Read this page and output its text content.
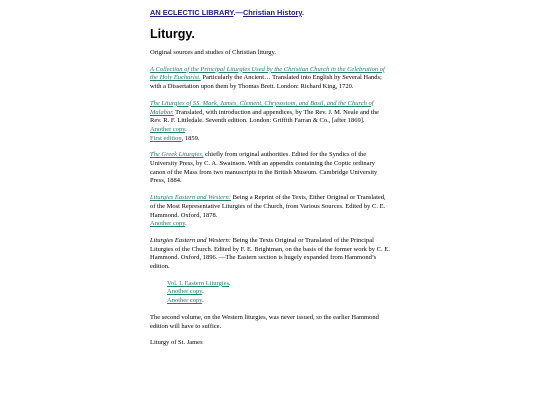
AN ECLECTIC LIBRARY.—Christian History.
Liturgy.

Original sources and studies of Christian liturgy.

A Collection of the Principal Liturgies Used by the Christian Church in the Celebration of the Holy Eucharist. Particularly the Ancient… Translated into English by Several Hands; with a Dissertation upon them by Thomas Brett. London: Richard King, 1720.

The Liturgies of SS. Mark, James, Clement, Chrysostom, and Basil, and the Church of Malabar. Translated, with introduction and appendices, by The Rev. J. M. Neale and the Rev. R. F. Littledale. Seventh edition. London: Griffith Farran & Co., [after 1869].
Another copy.
First edition, 1859.

The Greek Liturgies, chiefly from original authorities. Edited for the Syndics of the University Press, by C. A. Swainson. With an appendix containing the Coptic ordinary canon of the Mass from two manuscripts in the British Museum. Cambridge University Press, 1884.

Liturgies Eastern and Western: Being a Reprint of the Texts, Either Original or Translated, of the Most Representative Liturgies of the Church, from Various Sources. Edited by C. E. Hammond. Oxford, 1878.
Another copy.

Liturgies Eastern and Western: Being the Texts Original or Translated of the Principal Liturgies of the Church. Edited by F. E. Brightman, on the basis of the former work by C. E. Hammond. Oxford, 1896. —The Eastern section is hugely expanded from Hammond’s edition.

Vol. I. Eastern Liturgies.
Another copy.
Another copy.

The second volume, on the Western liturgies, was never issued, so the earlier Hammond edition will have to suffice.

Liturgy of St. James
